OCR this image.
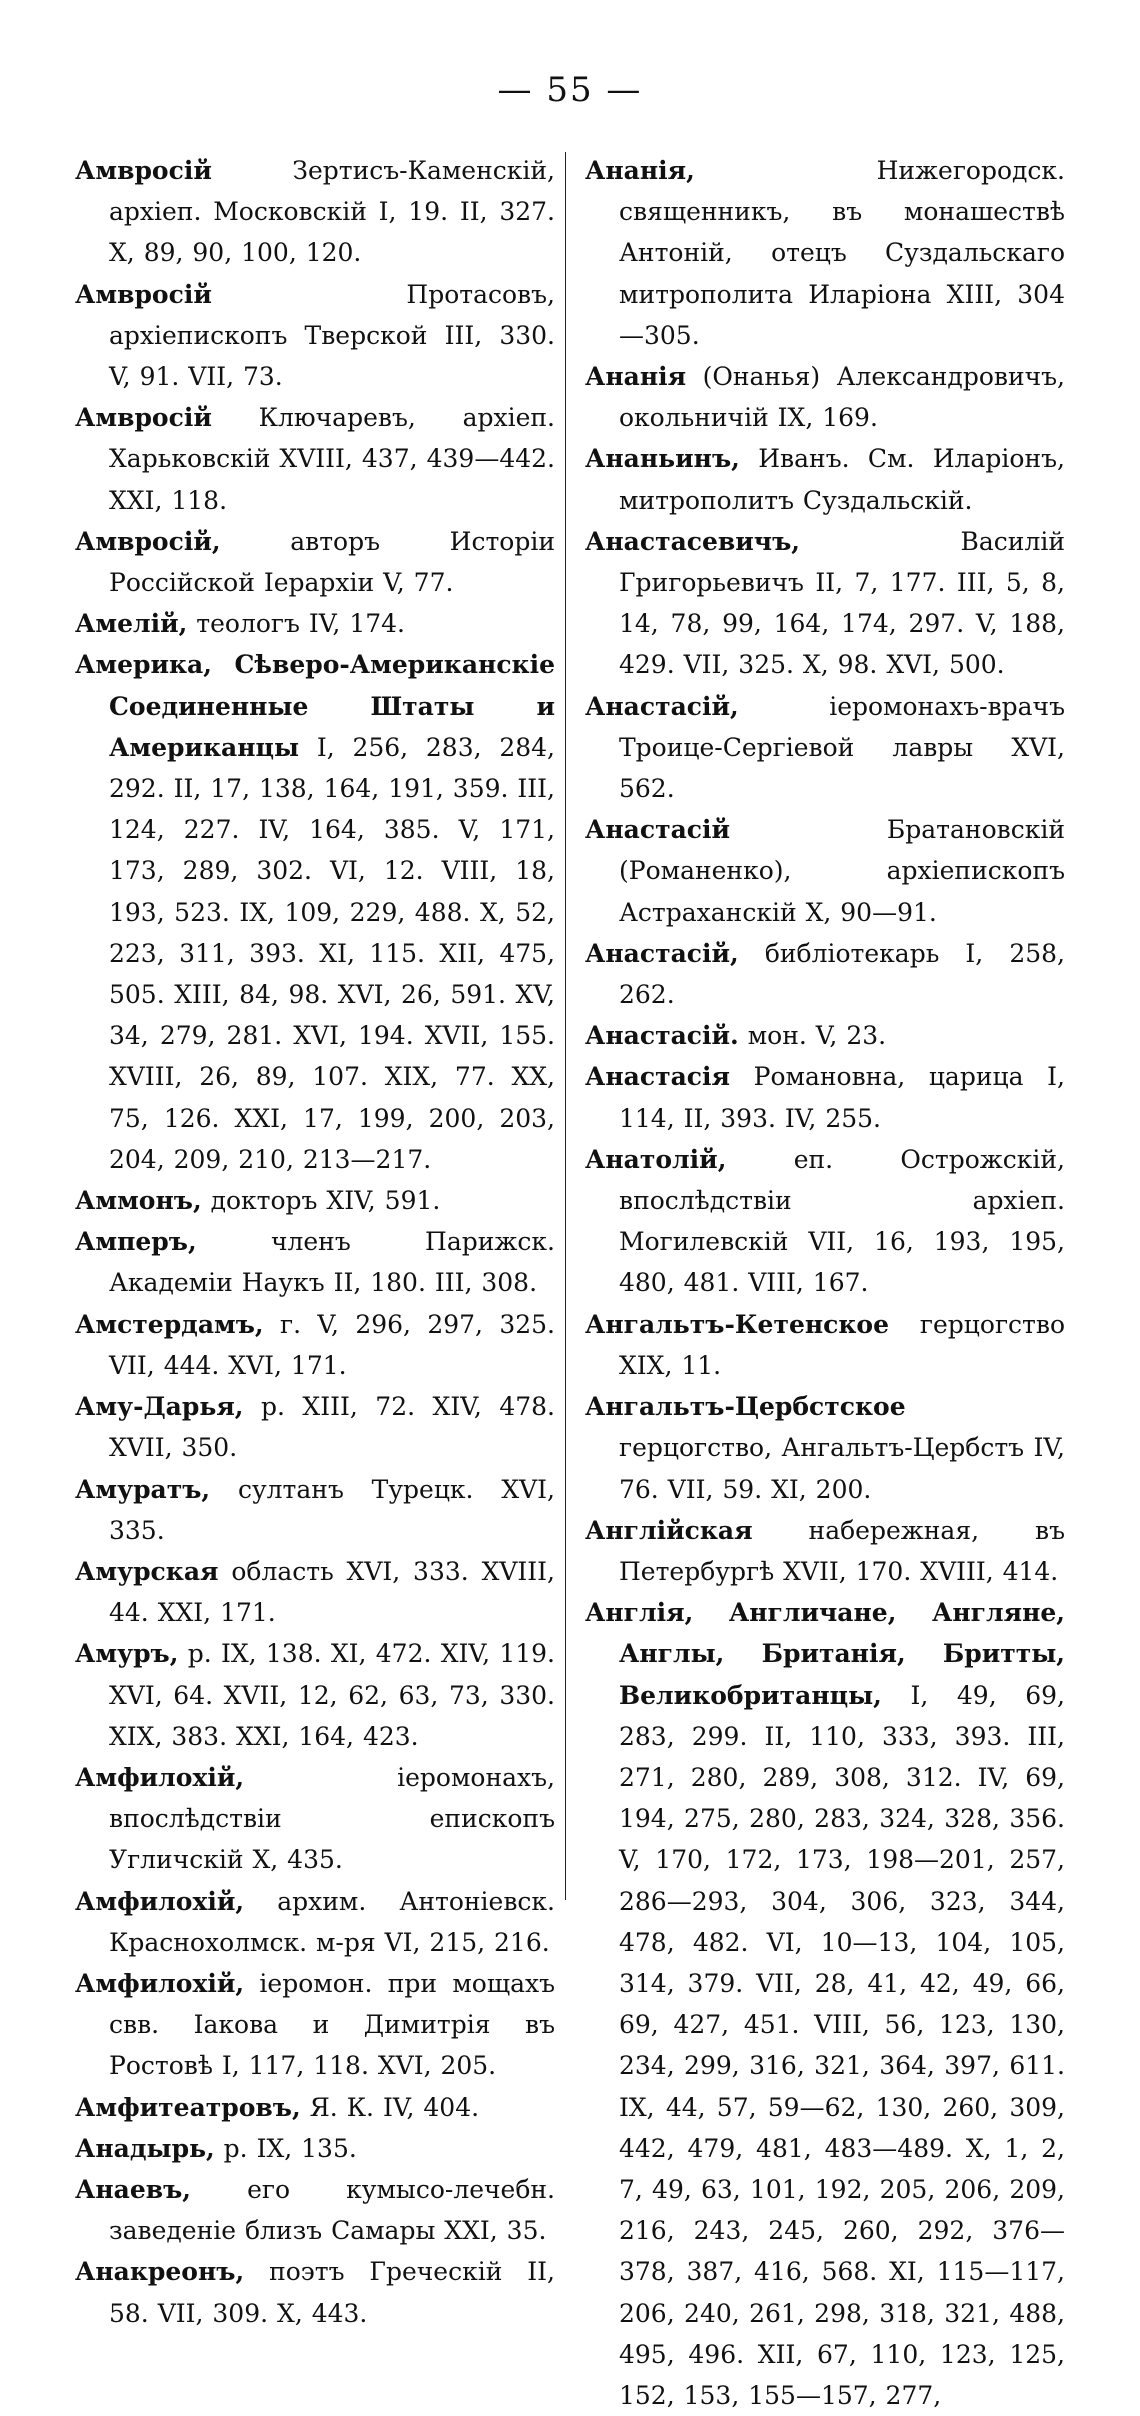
— 55 —
Амвросій Зертисъ-Каменскій, архіеп. Московскій I, 19. II, 327. X, 89, 90, 100, 120.
Амвросій Протасовъ, архіепископъ Тверской III, 330. V, 91. VII, 73.
Амвросій Ключаревъ, архіеп. Харьковскій XVIII, 437, 439—442. XXI, 118.
Амвросій, авторъ Исторіи Россійской Іерархіи V, 77.
Амелій, теологъ IV, 174.
Америка, Сѣверо-Американскіе Соединенные Штаты и Американцы I, 256, 283, 284, 292. II, 17, 138, 164, 191, 359. III, 124, 227. IV, 164, 385. V, 171, 173, 289, 302. VI, 12. VIII, 18, 193, 523. IX, 109, 229, 488. X, 52, 223, 311, 393. XI, 115. XII, 475, 505. XIII, 84, 98. XVI, 26, 591. XV, 34, 279, 281. XVI, 194. XVII, 155. XVIII, 26, 89, 107. XIX, 77. XX, 75, 126. XXI, 17, 199, 200, 203, 204, 209, 210, 213—217.
Аммонъ, докторъ XIV, 591.
Амперъ, членъ Парижск. Академіи Наукъ II, 180. III, 308.
Амстердамъ, г. V, 296, 297, 325. VII, 444. XVI, 171.
Аму-Дарья, р. XIII, 72. XIV, 478. XVII, 350.
Амуратъ, султанъ Турецк. XVI, 335.
Амурская область XVI, 333. XVIII, 44. XXI, 171.
Амуръ, р. IX, 138. XI, 472. XIV, 119. XVI, 64. XVII, 12, 62, 63, 73, 330. XIX, 383. XXI, 164, 423.
Амфилохій, іеромонахъ, впослѣдствіи епископъ Угличскій X, 435.
Амфилохій, архим. Антоніевск. Краснохолмск. м-ря VI, 215, 216.
Амфилохій, іеромон. при мощахъ свв. Іакова и Димитрія въ Ростовѣ I, 117, 118. XVI, 205.
Амфитеатровъ, Я. К. IV, 404.
Анадырь, р. IX, 135.
Анаевъ, его кумысо-лечебн. заведеніе близъ Самары XXI, 35.
Анакреонъ, поэтъ Греческій II, 58. VII, 309. X, 443.
Ананія, Нижегородск. священникъ, въ монашествѣ Антоній, отецъ Суздальскаго митрополита Иларіона XIII, 304—305.
Ананія (Онанья) Александровичъ, окольничій IX, 169.
Ананьинъ, Иванъ. См. Иларіонъ, митрополитъ Суздальскій.
Анастасевичъ, Василій Григорьевичъ II, 7, 177. III, 5, 8, 14, 78, 99, 164, 174, 297. V, 188, 429. VII, 325. X, 98. XVI, 500.
Анастасій, іеромонахъ-врачъ Троице-Сергіевой лавры XVI, 562.
Анастасій Братановскій (Романенко), архіепископъ Астраханскій X, 90—91.
Анастасій, библіотекарь I, 258, 262.
Анастасій. мон. V, 23.
Анастасія Романовна, царица I, 114, II, 393. IV, 255.
Анатолій, еп. Острожскій, впослѣдствіи архіеп. Могилевскій VII, 16, 193, 195, 480, 481. VIII, 167.
Ангальтъ-Кетенское герцогство XIX, 11.
Ангальтъ-Цербстское герцогство, Ангальтъ-Цербстъ IV, 76. VII, 59. XI, 200.
Англійская набережная, въ Петербургѣ XVII, 170. XVIII, 414.
Англія, Англичане, Англяне, Англы, Британія, Бритты, Великобританцы, I, 49, 69, 283, 299. II, 110, 333, 393. III, 271, 280, 289, 308, 312. IV, 69, 194, 275, 280, 283, 324, 328, 356. V, 170, 172, 173, 198—201, 257, 286—293, 304, 306, 323, 344, 478, 482. VI, 10—13, 104, 105, 314, 379. VII, 28, 41, 42, 49, 66, 69, 427, 451. VIII, 56, 123, 130, 234, 299, 316, 321, 364, 397, 611. IX, 44, 57, 59—62, 130, 260, 309, 442, 479, 481, 483—489. X, 1, 2, 7, 49, 63, 101, 192, 205, 206, 209, 216, 243, 245, 260, 292, 376—378, 387, 416, 568. XI, 115—117, 206, 240, 261, 298, 318, 321, 488, 495, 496. XII, 67, 110, 123, 125, 152, 153, 155—157, 277,
